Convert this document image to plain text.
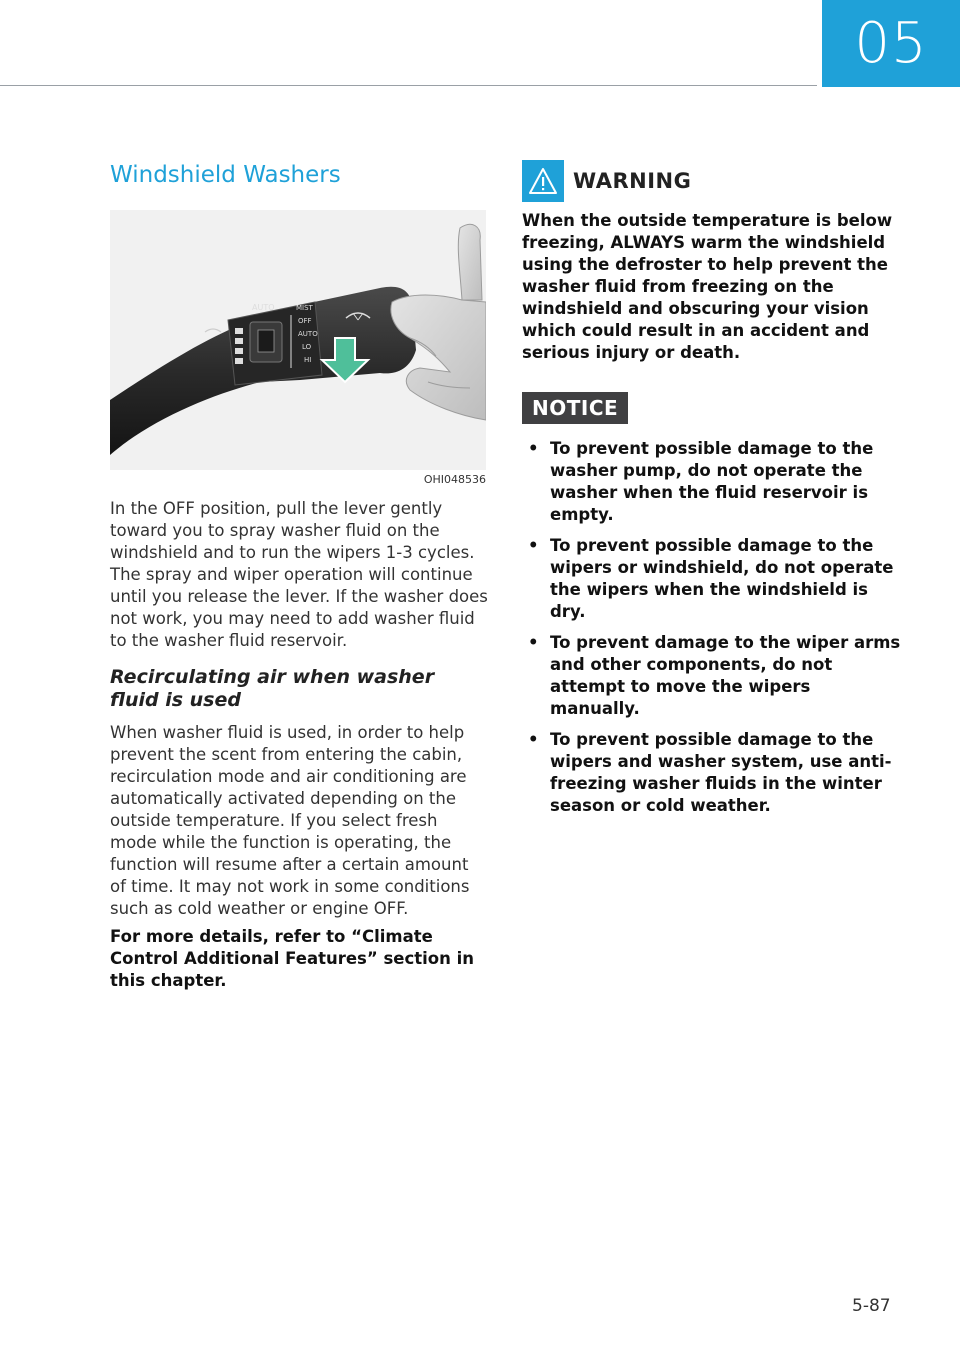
05
Windshield Washers
AUTO	MIST
OFF
AUTO
LO
HI
OHI048536

In the OFF position, pull the lever gently toward you to spray washer fluid on the windshield and to run the wipers 1-3 cycles. The spray and wiper operation will continue until you release the lever. If the washer does not work, you may need to add washer fluid to the washer fluid reservoir.

Recirculating air when washer fluid is used

When washer fluid is used, in order to help prevent the scent from entering the cabin, recirculation mode and air conditioning are automatically activated depending on the outside temperature. If you select fresh mode while the function is operating, the function will resume after a certain amount of time. It may not work in some conditions such as cold weather or engine OFF.

For more details, refer to “Climate Control Additional Features” section in this chapter.

WARNING

When the outside temperature is below freezing, ALWAYS warm the windshield using the defroster to help prevent the washer fluid from freezing on the windshield and obscuring your vision which could result in an accident and serious injury or death.

NOTICE
• To prevent possible damage to the washer pump, do not operate the washer when the fluid reservoir is empty.
• To prevent possible damage to the wipers or windshield, do not operate the wipers when the windshield is dry.
• To prevent damage to the wiper arms and other components, do not attempt to move the wipers manually.
• To prevent possible damage to the wipers and washer system, use anti-freezing washer fluids in the winter season or cold weather.
5-87
